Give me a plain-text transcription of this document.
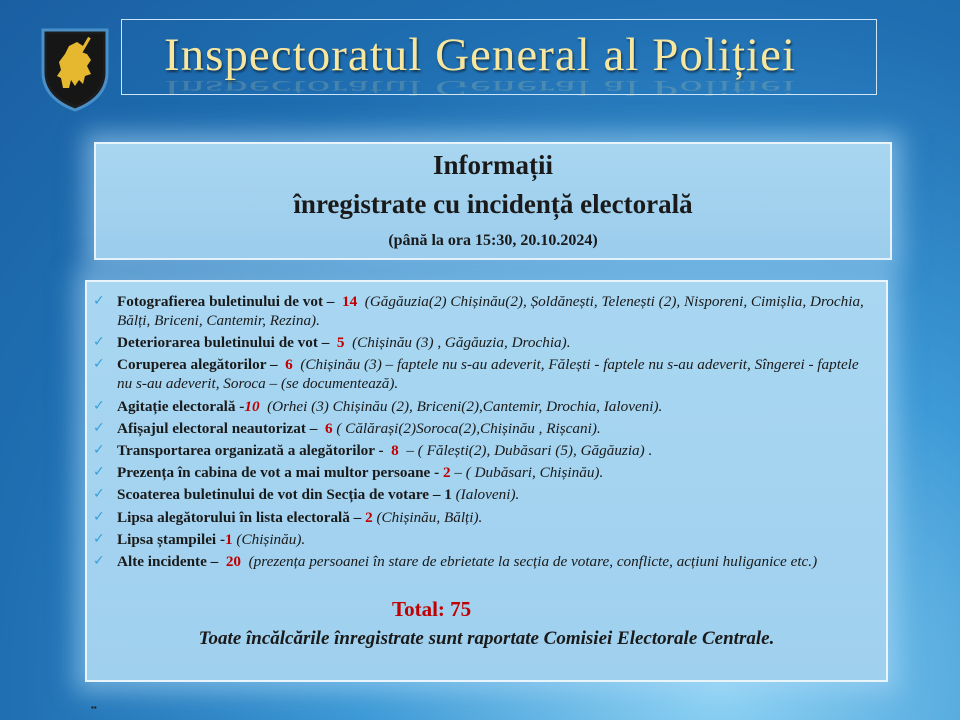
Inspectoratul General al Poliției
Inspectoratul General al Poliției
Informații
înregistrate cu incidență electorală
(până la ora 15:30, 20.10.2024)
✓ Fotografierea buletinului de vot – 14 (Găgăuzia(2) Chișinău(2), Șoldănești, Telenești (2), Nisporeni, Cimișlia, Drochia, Bălți, Briceni, Cantemir, Rezina).
✓ Deteriorarea buletinului de vot – 5 (Chișinău (3) , Găgăuzia, Drochia).
✓ Coruperea alegătorilor – 6 (Chișinău (3) – faptele nu s-au adeverit, Fălești - faptele nu s-au adeverit, Sîngerei - faptele nu s-au adeverit, Soroca – (se documentează).
✓ Agitație electorală -10 (Orhei (3) Chișinău (2), Briceni(2),Cantemir, Drochia, Ialoveni).
✓ Afișajul electoral neautorizat – 6 ( Călărași(2)Soroca(2),Chișinău , Rișcani).
✓ Transportarea organizată a alegătorilor - 8 – ( Fălești(2), Dubăsari (5), Găgăuzia) .
✓ Prezența în cabina de vot a mai multor persoane - 2 – ( Dubăsari, Chișinău).
✓ Scoaterea buletinului de vot din Secția de votare – 1 (Ialoveni).
✓ Lipsa alegătorului în lista electorală – 2 (Chișinău, Bălți).
✓ Lipsa ștampilei -1 (Chișinău).
✓ Alte incidente – 20 (prezența persoanei în stare de ebrietate la secția de votare, conflicte, acțiuni huliganice etc.)
Total: 75
Toate încălcările înregistrate sunt raportate Comisiei Electorale Centrale.
▪▪
